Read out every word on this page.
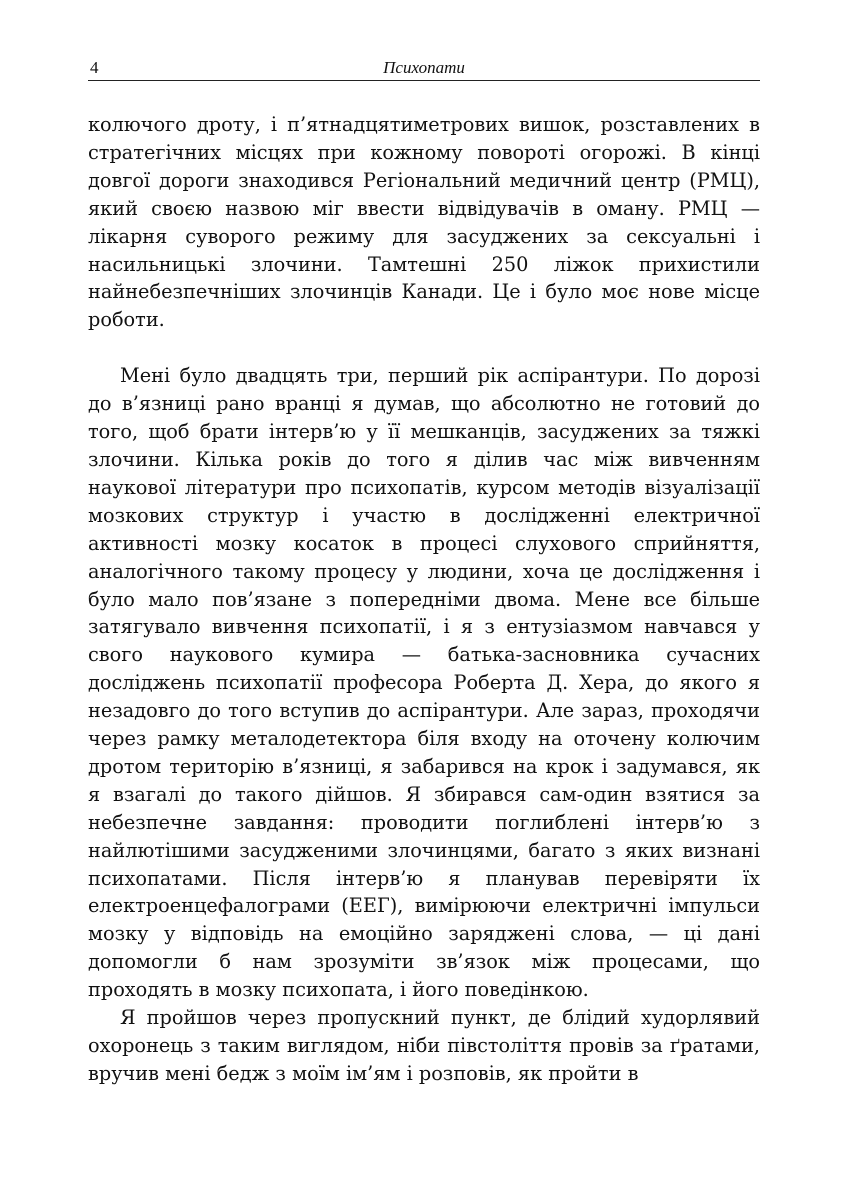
4	Психопати

колючого дроту, і п’ятнадцятиметрових вишок, розставлених в стратегічних місцях при кожному повороті огорожі. В кінці довгої дороги знаходився Регіональний медичний центр (РМЦ), який своєю назвою міг ввести відвідувачів в оману. РМЦ — лікарня суворого режиму для засуджених за сексуальні і насильницькі злочини. Тамтешні 250 ліжок прихистили найнебезпечніших злочинців Канади. Це і було моє нове місце роботи.

Мені було двадцять три, перший рік аспірантури. По дорозі до в’язниці рано вранці я думав, що абсолютно не готовий до того, щоб брати інтерв’ю у її мешканців, засуджених за тяжкі злочини. Кілька років до того я ділив час між вивченням наукової літератури про психопатів, курсом методів візуалізації мозкових структур і участю в дослідженні електричної активності мозку косаток в процесі слухового сприйняття, аналогічного такому процесу у людини, хоча це дослідження і було мало пов’язане з попередніми двома. Мене все більше затягувало вивчення психопатії, і я з ентузіазмом навчався у свого наукового кумира — батька-засновника сучасних досліджень психопатії професора Роберта Д. Хера, до якого я незадовго до того вступив до аспірантури. Але зараз, проходячи через рамку металодетектора біля входу на оточену колючим дротом територію в’язниці, я забарився на крок і задумався, як я взагалі до такого дійшов. Я збирався сам-один взятися за небезпечне завдання: проводити поглиблені інтерв’ю з найлютішими засудженими злочинцями, багато з яких визнані психопатами. Після інтерв’ю я планував перевіряти їх електроенцефалограми (ЕЕГ), вимірюючи електричні імпульси мозку у відповідь на емоційно заряджені слова, — ці дані допомогли б нам зрозуміти зв’язок між процесами, що проходять в мозку психопата, і його поведінкою.

Я пройшов через пропускний пункт, де блідий худорлявий охоронець з таким виглядом, ніби півстоліття провів за ґратами, вручив мені бедж з моїм ім’ям і розповів, як пройти в
